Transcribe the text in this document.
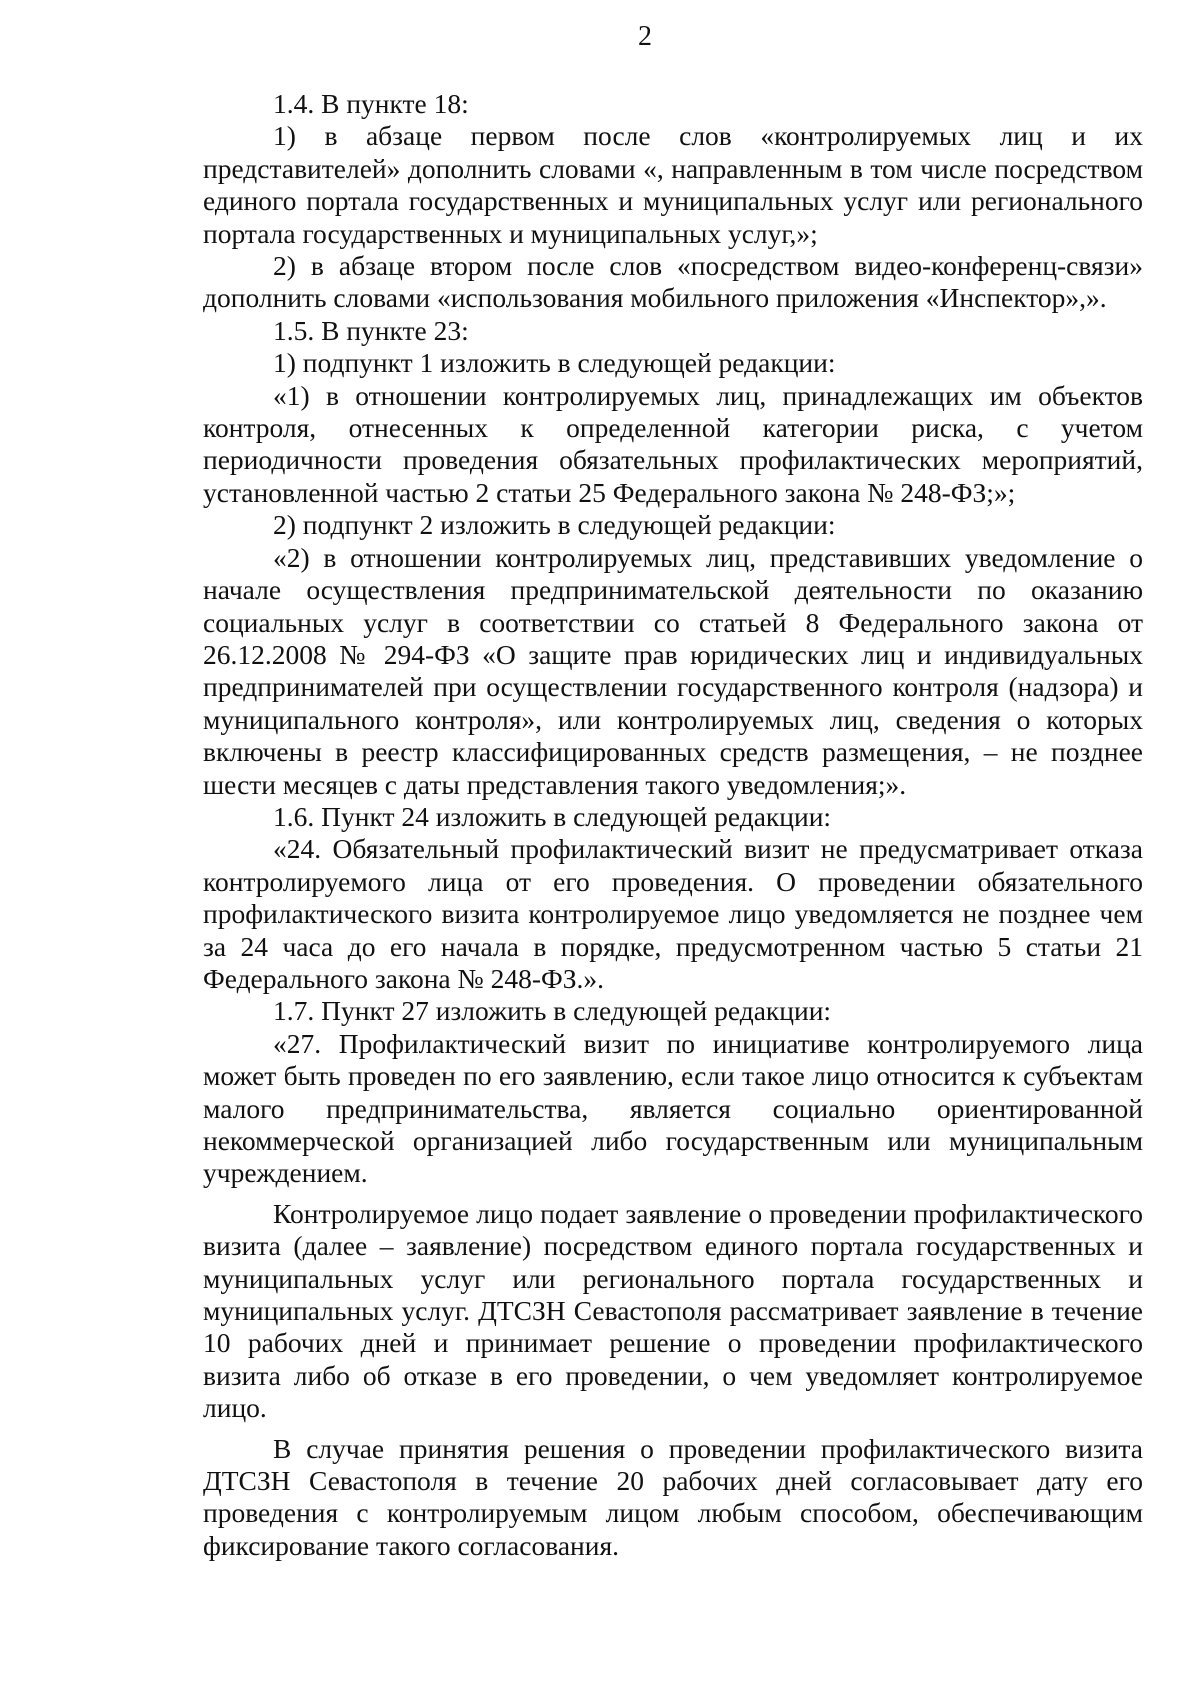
2

1.4. В пункте 18:

1) в абзаце первом после слов «контролируемых лиц и их представителей» дополнить словами «, направленным в том числе посредством единого портала государственных и муниципальных услуг или регионального портала государственных и муниципальных услуг,»;

2) в абзаце втором после слов «посредством видео-конференц-связи» дополнить словами «использования мобильного приложения «Инспектор»,».

1.5. В пункте 23:

1) подпункт 1 изложить в следующей редакции:

«1) в отношении контролируемых лиц, принадлежащих им объектов контроля, отнесенных к определенной категории риска, с учетом периодичности проведения обязательных профилактических мероприятий, установленной частью 2 статьи 25 Федерального закона № 248-ФЗ;»;

2) подпункт 2 изложить в следующей редакции:

«2) в отношении контролируемых лиц, представивших уведомление о начале осуществления предпринимательской деятельности по оказанию социальных услуг в соответствии со статьей 8 Федерального закона от 26.12.2008 № 294-ФЗ «О защите прав юридических лиц и индивидуальных предпринимателей при осуществлении государственного контроля (надзора) и муниципального контроля», или контролируемых лиц, сведения о которых включены в реестр классифицированных средств размещения, – не позднее шести месяцев с даты представления такого уведомления;».

1.6. Пункт 24 изложить в следующей редакции:

«24. Обязательный профилактический визит не предусматривает отказа контролируемого лица от его проведения. О проведении обязательного профилактического визита контролируемое лицо уведомляется не позднее чем за 24 часа до его начала в порядке, предусмотренном частью 5 статьи 21 Федерального закона № 248-ФЗ.».

1.7. Пункт 27 изложить в следующей редакции:

«27. Профилактический визит по инициативе контролируемого лица может быть проведен по его заявлению, если такое лицо относится к субъектам малого предпринимательства, является социально ориентированной некоммерческой организацией либо государственным или муниципальным учреждением.

Контролируемое лицо подает заявление о проведении профилактического визита (далее – заявление) посредством единого портала государственных и муниципальных услуг или регионального портала государственных и муниципальных услуг. ДТСЗН Севастополя рассматривает заявление в течение 10 рабочих дней и принимает решение о проведении профилактического визита либо об отказе в его проведении, о чем уведомляет контролируемое лицо.

В случае принятия решения о проведении профилактического визита ДТСЗН Севастополя в течение 20 рабочих дней согласовывает дату его проведения с контролируемым лицом любым способом, обеспечивающим фиксирование такого согласования.
